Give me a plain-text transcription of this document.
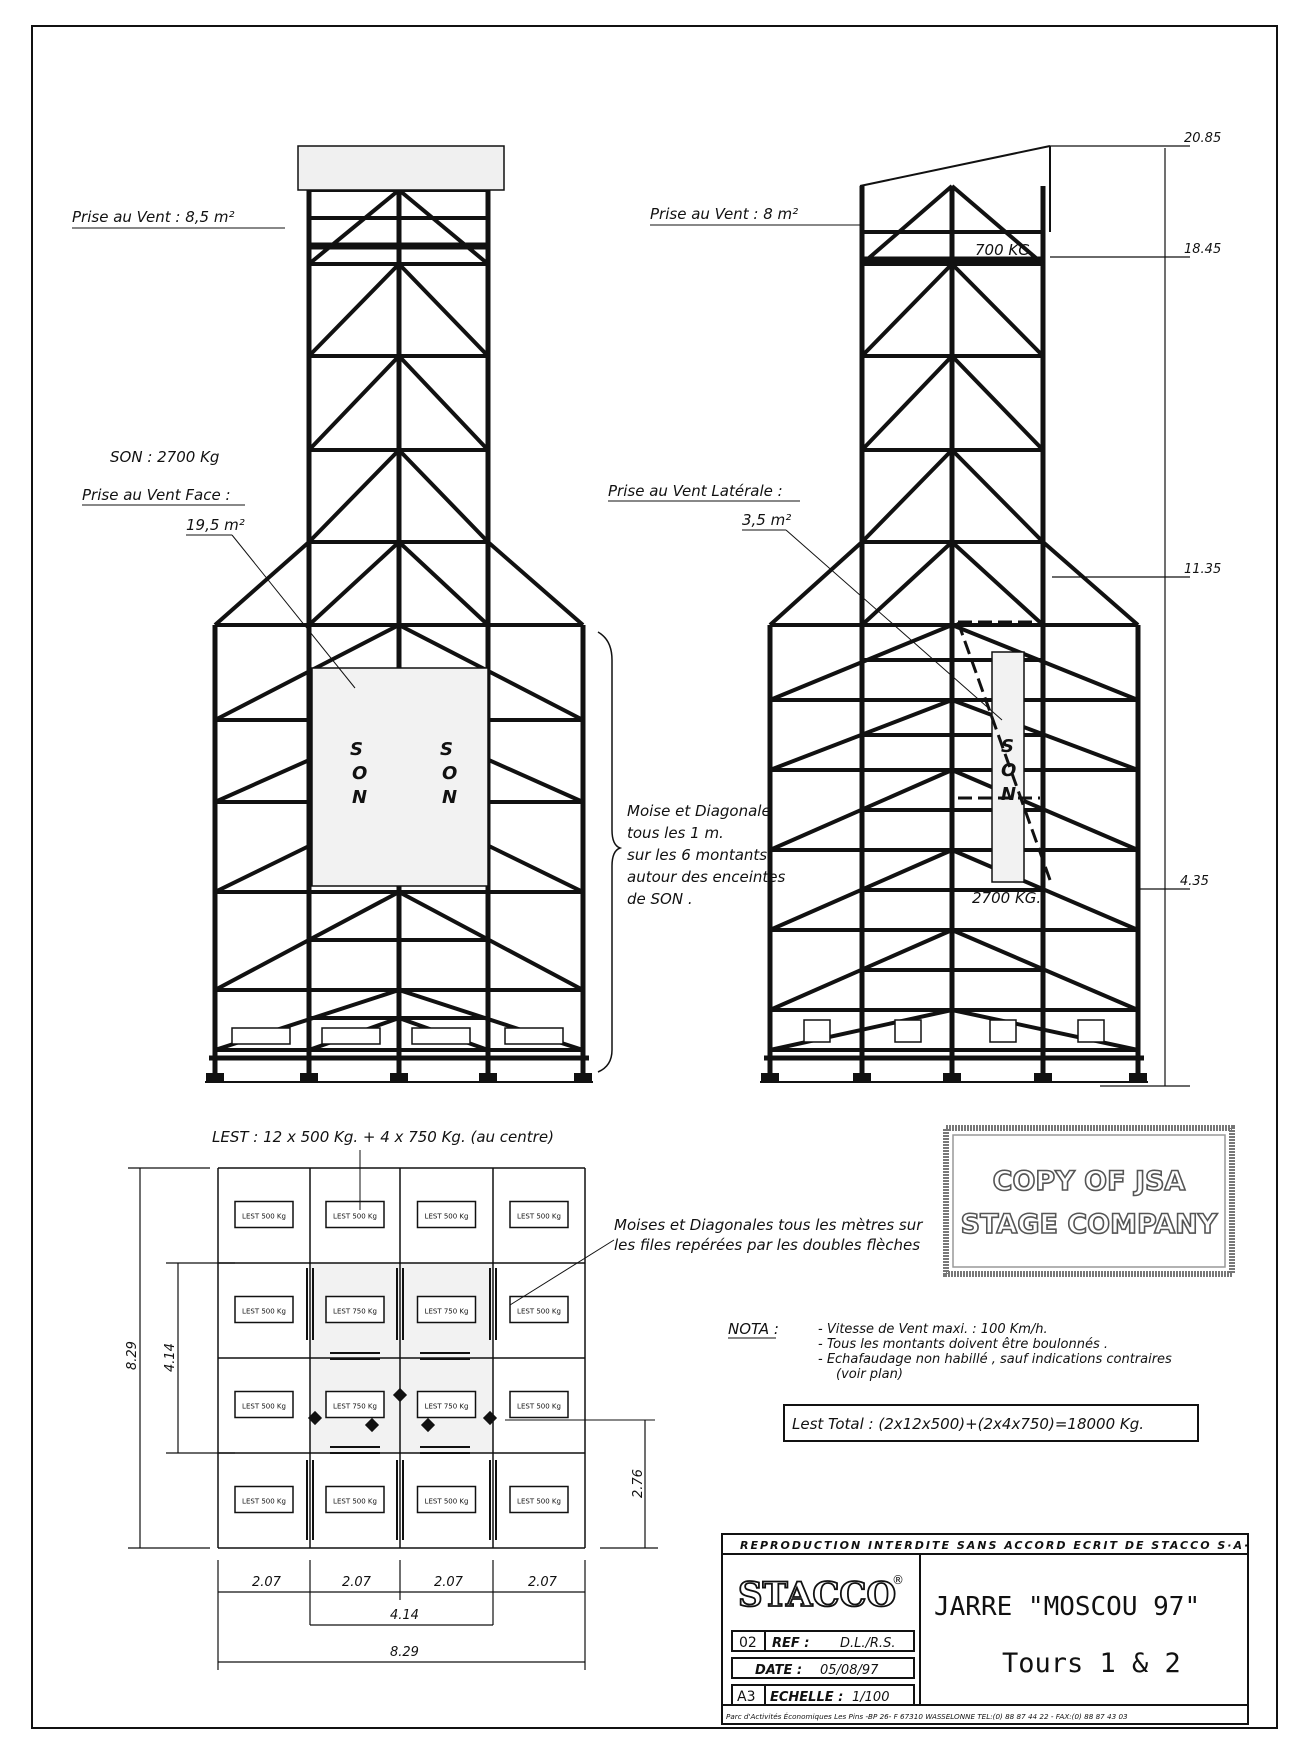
Prise au Vent : 8,5 m²
SON : 2700 Kg
Prise au Vent Face :
19,5 m²
S
O
N
S
O
N
Moise et Diagonale
tous les 1 m.
sur les 6 montants
autour des enceintes
de SON .
Prise au Vent : 8 m²
700 KG.
Prise au Vent Latérale :
3,5 m²
S
O
N
2700 KG.
20.85
18.45
11.35
4.35
LEST : 12 x 500 Kg. + 4 x 750 Kg. (au centre)
LEST 500 Kg	LEST 500 Kg	LEST 500 Kg	LEST 500 Kg
LEST 500 Kg	LEST 750 Kg	LEST 750 Kg	LEST 500 Kg
LEST 500 Kg	LEST 750 Kg	LEST 750 Kg	LEST 500 Kg
LEST 500 Kg	LEST 500 Kg	LEST 500 Kg	LEST 500 Kg
Moises et Diagonales tous les mètres sur
les files repérées par les doubles flèches
8.29 4.14
2.76
2.07	2.07	2.07	2.07
4.14
8.29
NOTA :	- Vitesse de Vent maxi. : 100 Km/h.
- Tous les montants doivent être boulonnés .
- Echafaudage non habillé , sauf indications contraires
(voir plan)
Lest Total : (2x12x500)+(2x4x750)=18000 Kg.
COPY OF JSA
STAGE COMPANY
REPRODUCTION INTERDITE SANS ACCORD ECRIT DE STACCO S·A·
STACCO
®
JARRE "MOSCOU 97"
Tours 1 & 2
02 REF : D.L./R.S.
DATE : 05/08/97
A3 ECHELLE : 1/100
Parc d'Activités Économiques Les Pins -BP 26- F 67310 WASSELONNE TEL:(0) 88 87 44 22 - FAX:(0) 88 87 43 03
